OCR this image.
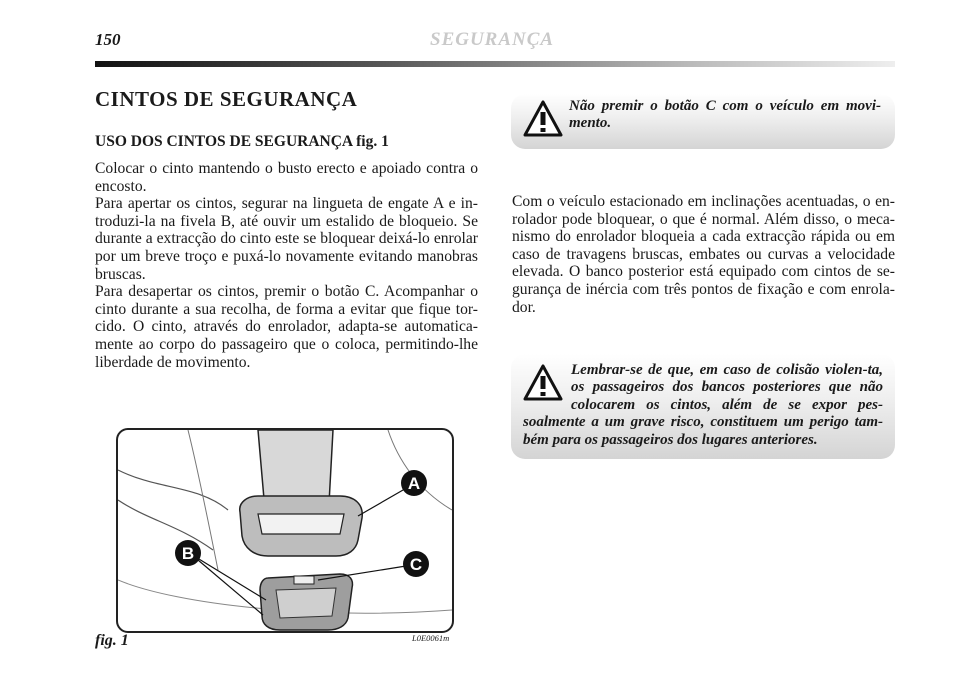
150	SEGURANÇA
CINTOS DE SEGURANÇA
USO DOS CINTOS DE SEGURANÇA fig. 1
Colocar o cinto mantendo o busto erecto e apoiado contra o encosto.
Para apertar os cintos, segurar na lingueta de engate A e in-troduzi-la na fivela B, até ouvir um estalido de bloqueio. Se durante a extracção do cinto este se bloquear deixá-lo enrolar por um breve troço e puxá-lo novamente evitando manobras bruscas.
Para desapertar os cintos, premir o botão C. Acompanhar o cinto durante a sua recolha, de forma a evitar que fique tor-cido. O cinto, através do enrolador, adapta-se automatica-mente ao corpo do passageiro que o coloca, permitindo-lhe liberdade de movimento.
A
B
C
fig. 1	L0E0061m
Não premir o botão C com o veículo em movi-mento.
Com o veículo estacionado em inclinações acentuadas, o en-rolador pode bloquear, o que é normal. Além disso, o meca-nismo do enrolador bloqueia a cada extracção rápida ou em caso de travagens bruscas, embates ou curvas a velocidade elevada. O banco posterior está equipado com cintos de se-gurança de inércia com três pontos de fixação e com enrola-dor.
Lembrar-se de que, em caso de colisão violen-ta, os passageiros dos bancos posteriores que não colocarem os cintos, além de se expor pes-soalmente a um grave risco, constituem um perigo tam-bém para os passageiros dos lugares anteriores.
